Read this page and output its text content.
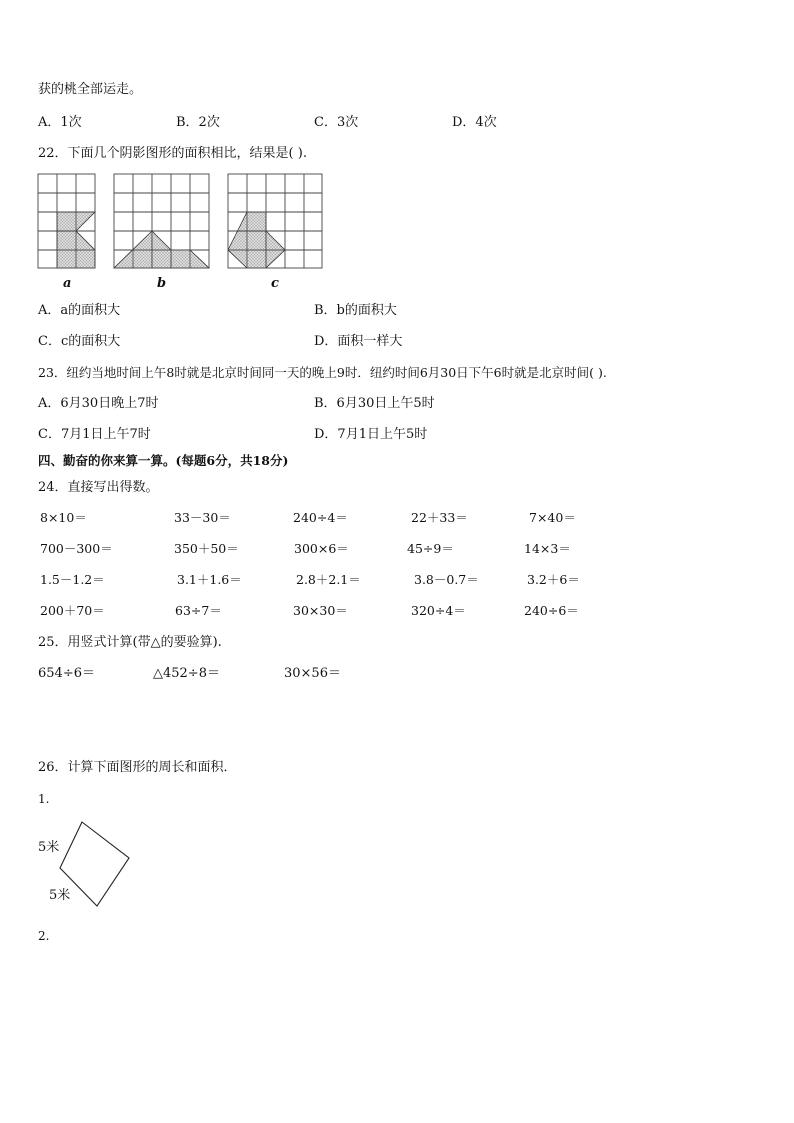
获的桃全部运走。
A．1次	B．2次	C．3次	D．4次
22．下面几个阴影图形的面积相比，结果是( ).
a	b	c
A．a的面积大	B．b的面积大
C．c的面积大	D．面积一样大
23．纽约当地时间上午8时就是北京时间同一天的晚上9时．纽约时间6月30日下午6时就是北京时间( ).
A．6月30日晚上7时	B．6月30日上午5时
C．7月1日上午7时	D．7月1日上午5时
四、勤奋的你来算一算。(每题6分，共18分)
24．直接写出得数。
8×10＝	33－30＝	240÷4＝	22＋33＝	7×40＝
700－300＝	350＋50＝	300×6＝	45÷9＝	14×3＝
1.5－1.2＝	3.1＋1.6＝	2.8＋2.1＝	3.8－0.7＝	3.2＋6＝
200＋70＝	63÷7＝	30×30＝	320÷4＝	240÷6＝
25．用竖式计算(带△的要验算).
654÷6＝	△452÷8＝	30×56＝
26．计算下面图形的周长和面积．
1.
5米
5米
2.
